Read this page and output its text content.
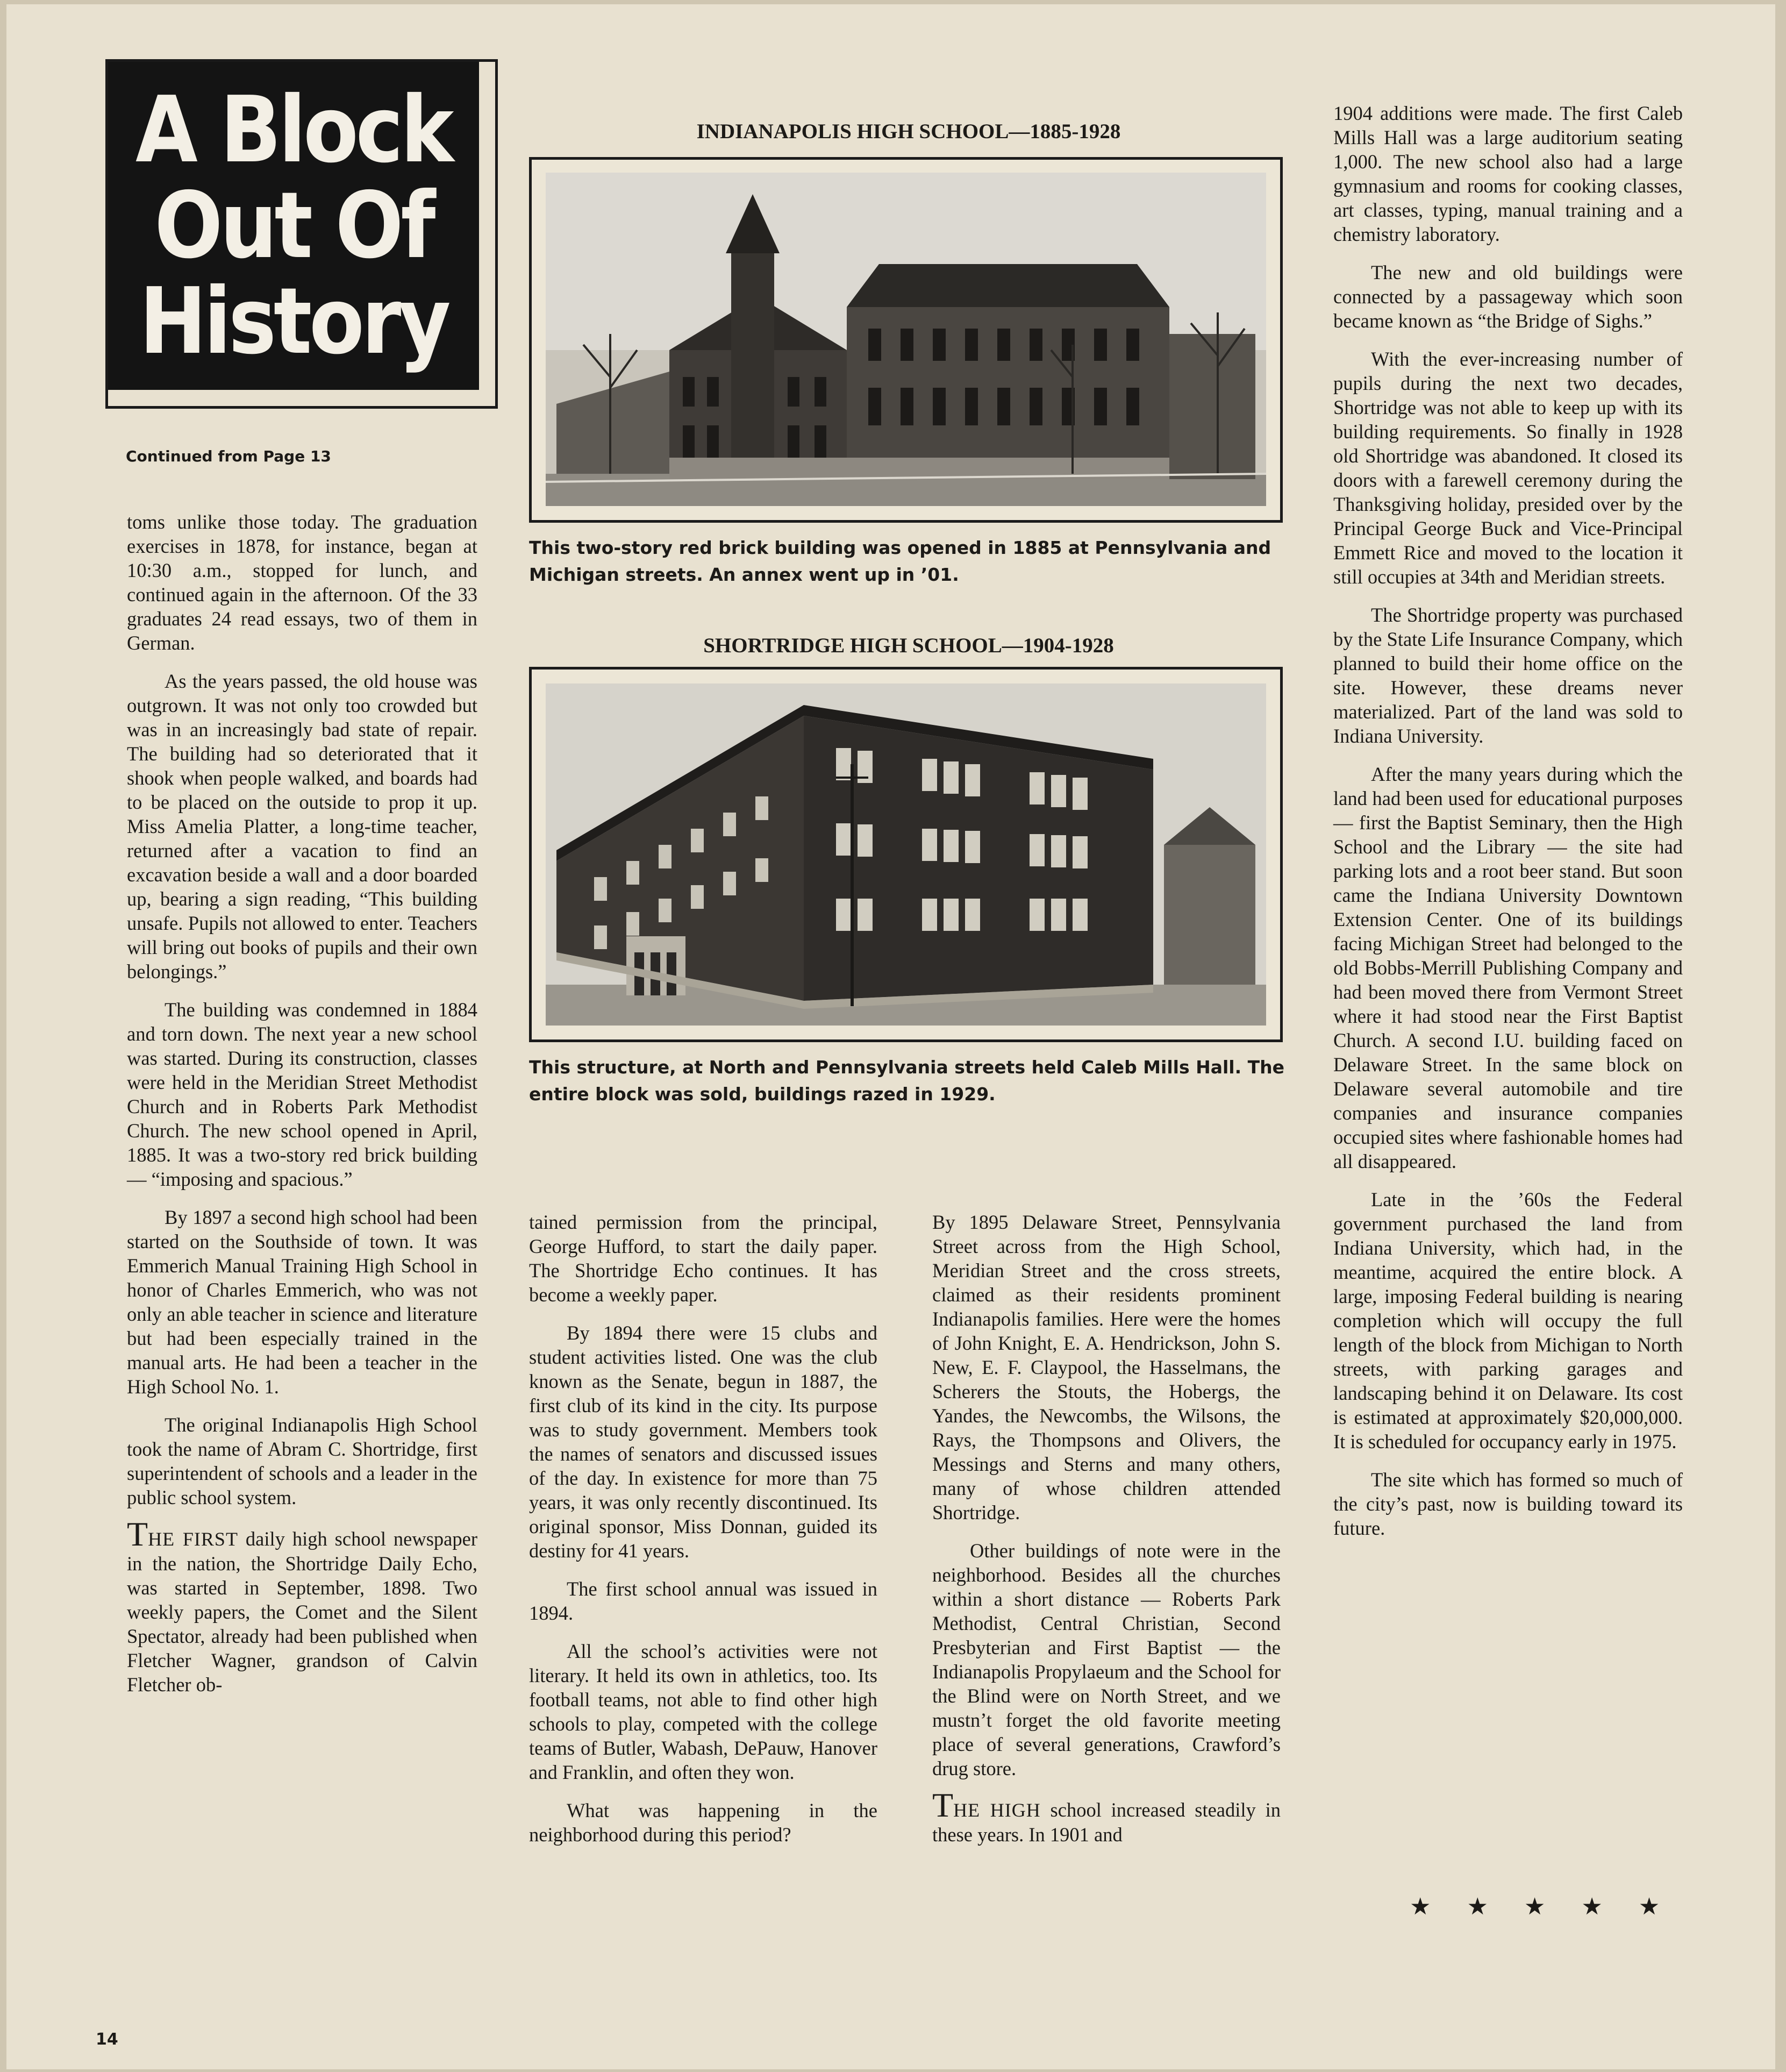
A Block
Out Of
History
Continued from Page 13
INDIANAPOLIS HIGH SCHOOL—1885-1928
This two-story red brick building was opened in 1885 at Pennsylvania and Michigan streets. An annex went up in ’01.
SHORTRIDGE HIGH SCHOOL—1904-1928
This structure, at North and Pennsylvania streets held Caleb Mills Hall. The entire block was sold, buildings razed in 1929.

toms unlike those today. The graduation exercises in 1878, for instance, began at 10:30 a.m., stopped for lunch, and continued again in the afternoon. Of the 33 graduates 24 read essays, two of them in German.

As the years passed, the old house was outgrown. It was not only too crowded but was in an increasingly bad state of repair. The building had so deteriorated that it shook when people walked, and boards had to be placed on the outside to prop it up. Miss Amelia Platter, a long-time teacher, returned after a vacation to find an excavation beside a wall and a door boarded up, bearing a sign reading, “This building unsafe. Pupils not allowed to enter. Teachers will bring out books of pupils and their own belongings.”

The building was condemned in 1884 and torn down. The next year a new school was started. During its construction, classes were held in the Meridian Street Methodist Church and in Roberts Park Methodist Church. The new school opened in April, 1885. It was a two-story red brick building — “imposing and spacious.”

By 1897 a second high school had been started on the Southside of town. It was Emmerich Manual Training High School in honor of Charles Emmerich, who was not only an able teacher in science and literature but had been especially trained in the manual arts. He had been a teacher in the High School No. 1.

The original Indianapolis High School took the name of Abram C. Shortridge, first superintendent of schools and a leader in the public school system.

THE FIRST daily high school newspaper in the nation, the Shortridge Daily Echo, was started in September, 1898. Two weekly papers, the Comet and the Silent Spectator, already had been published when Fletcher Wagner, grandson of Calvin Fletcher ob-

tained permission from the principal, George Hufford, to start the daily paper. The Shortridge Echo continues. It has become a weekly paper.

By 1894 there were 15 clubs and student activities listed. One was the club known as the Senate, begun in 1887, the first club of its kind in the city. Its purpose was to study government. Members took the names of senators and discussed issues of the day. In existence for more than 75 years, it was only recently discontinued. Its original sponsor, Miss Donnan, guided its destiny for 41 years.

The first school annual was issued in 1894.

All the school’s activities were not literary. It held its own in athletics, too. Its football teams, not able to find other high schools to play, competed with the college teams of Butler, Wabash, DePauw, Hanover and Franklin, and often they won.

What was happening in the neighborhood during this period?

By 1895 Delaware Street, Pennsylvania Street across from the High School, Meridian Street and the cross streets, claimed as their residents prominent Indianapolis families. Here were the homes of John Knight, E. A. Hendrickson, John S. New, E. F. Claypool, the Hasselmans, the Scherers the Stouts, the Hobergs, the Yandes, the Newcombs, the Wilsons, the Rays, the Thompsons and Olivers, the Messings and Sterns and many others, many of whose children attended Shortridge.

Other buildings of note were in the neighborhood. Besides all the churches within a short distance — Roberts Park Methodist, Central Christian, Second Presbyterian and First Baptist — the Indianapolis Propylaeum and the School for the Blind were on North Street, and we mustn’t forget the old favorite meeting place of several generations, Crawford’s drug store.

THE HIGH school increased steadily in these years. In 1901 and

1904 additions were made. The first Caleb Mills Hall was a large auditorium seating 1,000. The new school also had a large gymnasium and rooms for cooking classes, art classes, typing, manual training and a chemistry laboratory.

The new and old buildings were connected by a passageway which soon became known as “the Bridge of Sighs.”

With the ever-increasing number of pupils during the next two decades, Shortridge was not able to keep up with its building requirements. So finally in 1928 old Shortridge was abandoned. It closed its doors with a farewell ceremony during the Thanksgiving holiday, presided over by the Principal George Buck and Vice-Principal Emmett Rice and moved to the location it still occupies at 34th and Meridian streets.

The Shortridge property was purchased by the State Life Insurance Company, which planned to build their home office on the site. However, these dreams never materialized. Part of the land was sold to Indiana University.

After the many years during which the land had been used for educational purposes — first the Baptist Seminary, then the High School and the Library — the site had parking lots and a root beer stand. But soon came the Indiana University Downtown Extension Center. One of its buildings facing Michigan Street had belonged to the old Bobbs-Merrill Publishing Company and had been moved there from Vermont Street where it had stood near the First Baptist Church. A second I.U. building faced on Delaware Street. In the same block on Delaware several automobile and tire companies and insurance companies occupied sites where fashionable homes had all disappeared.

Late in the ’60s the Federal government purchased the land from Indiana University, which had, in the meantime, acquired the entire block. A large, imposing Federal building is nearing completion which will occupy the full length of the block from Michigan to North streets, with parking garages and landscaping behind it on Delaware. Its cost is estimated at approximately $20,000,000. It is scheduled for occupancy early in 1975.

The site which has formed so much of the city’s past, now is building toward its future.

★ ★ ★ ★ ★
14
